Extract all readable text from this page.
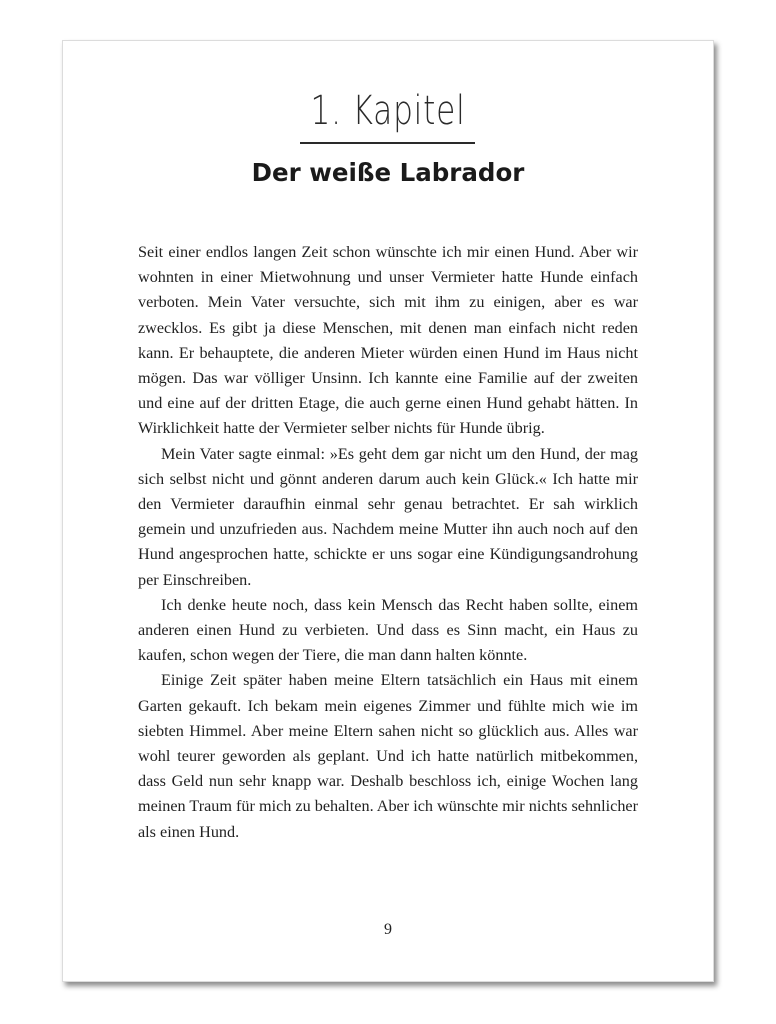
1. Kapitel
Der weiße Labrador

Seit einer endlos langen Zeit schon wünschte ich mir einen Hund. Aber wir wohnten in einer Mietwohnung und unser Vermieter hatte Hunde einfach verboten. Mein Vater versuchte, sich mit ihm zu einigen, aber es war zwecklos. Es gibt ja diese Menschen, mit denen man einfach nicht reden kann. Er behauptete, die anderen Mieter würden einen Hund im Haus nicht mögen. Das war völliger Unsinn. Ich kannte eine Familie auf der zweiten und eine auf der dritten Etage, die auch gerne einen Hund gehabt hätten. In Wirklichkeit hatte der Vermieter selber nichts für Hunde übrig.

Mein Vater sagte einmal: »Es geht dem gar nicht um den Hund, der mag sich selbst nicht und gönnt anderen darum auch kein Glück.« Ich hatte mir den Vermieter daraufhin einmal sehr genau betrachtet. Er sah wirklich gemein und unzufrieden aus. Nachdem meine Mutter ihn auch noch auf den Hund angesprochen hatte, schickte er uns sogar eine Kündigungsandrohung per Einschreiben.

Ich denke heute noch, dass kein Mensch das Recht haben sollte, einem anderen einen Hund zu verbieten. Und dass es Sinn macht, ein Haus zu kaufen, schon wegen der Tiere, die man dann halten könnte.

Einige Zeit später haben meine Eltern tatsächlich ein Haus mit einem Garten gekauft. Ich bekam mein eigenes Zimmer und fühlte mich wie im siebten Himmel. Aber meine Eltern sahen nicht so glücklich aus. Alles war wohl teurer geworden als geplant. Und ich hatte natürlich mitbekommen, dass Geld nun sehr knapp war. Deshalb beschloss ich, einige Wochen lang meinen Traum für mich zu behalten. Aber ich wünschte mir nichts sehnlicher als einen Hund.

9
